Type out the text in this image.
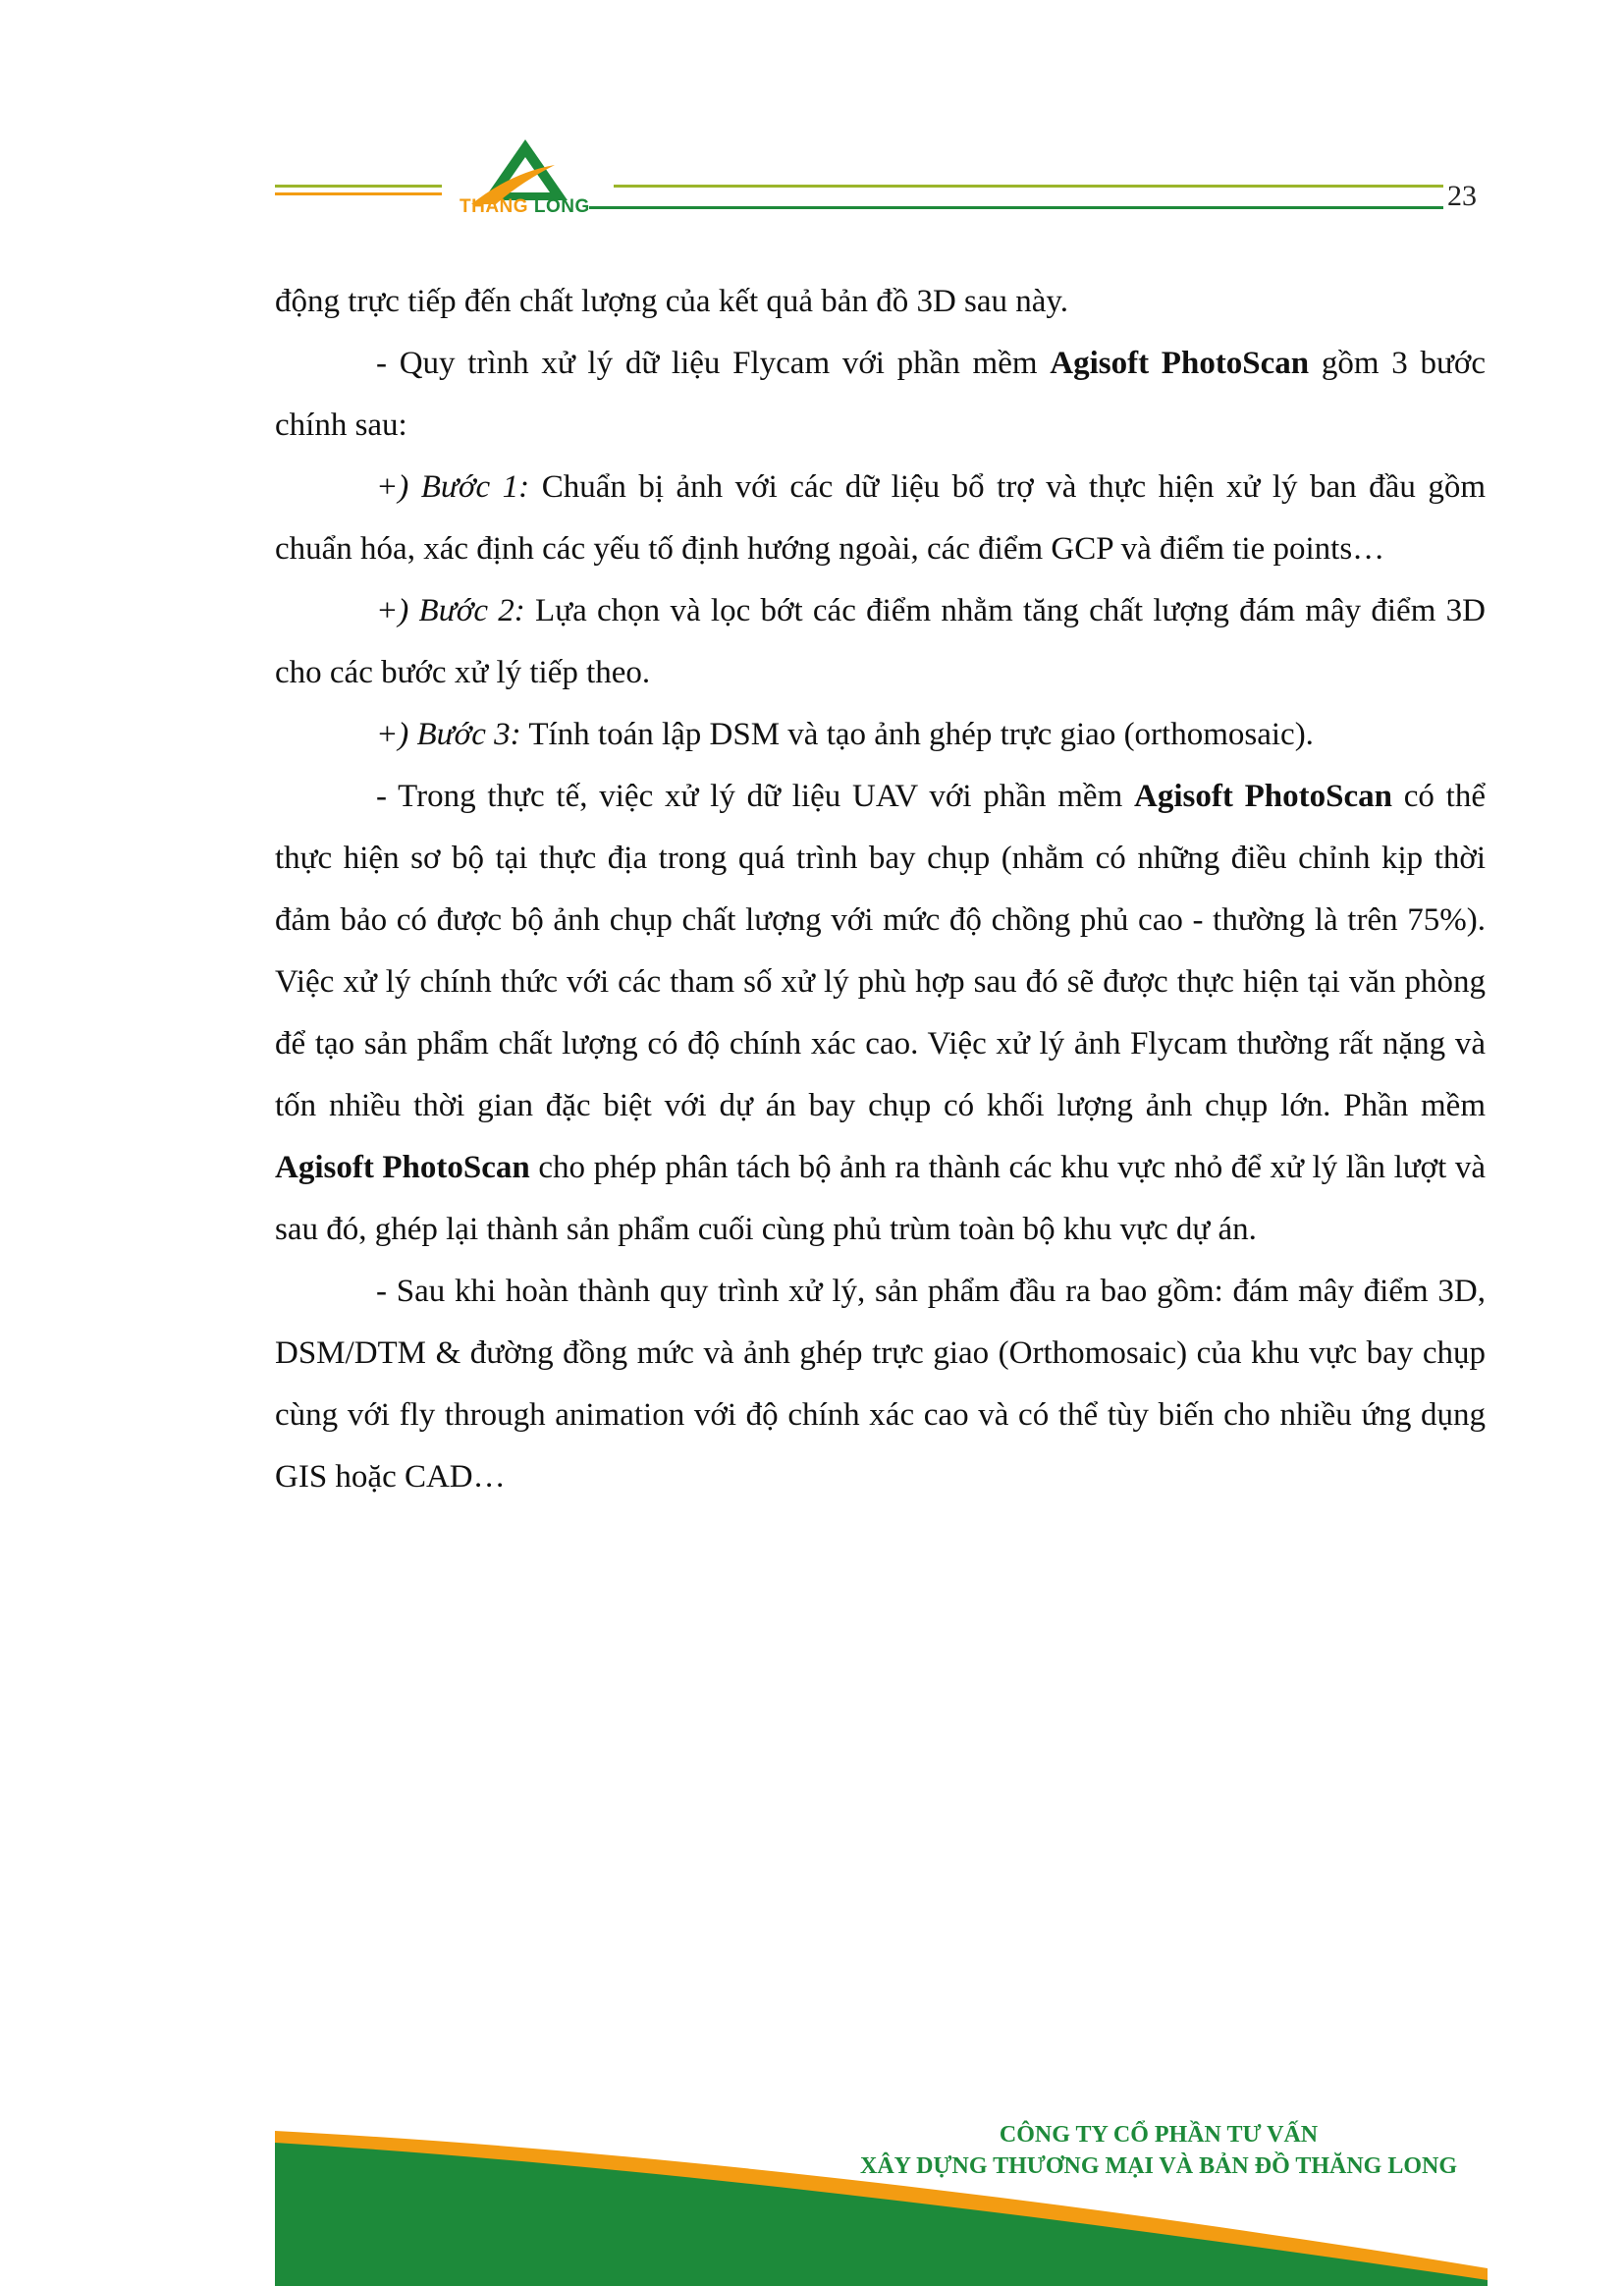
THĂNG LONG	23

động trực tiếp đến chất lượng của kết quả bản đồ 3D sau này.

- Quy trình xử lý dữ liệu Flycam với phần mềm Agisoft PhotoScan gồm 3 bước chính sau:

+) Bước 1: Chuẩn bị ảnh với các dữ liệu bổ trợ và thực hiện xử lý ban đầu gồm chuẩn hóa, xác định các yếu tố định hướng ngoài, các điểm GCP và điểm tie points…

+) Bước 2: Lựa chọn và lọc bớt các điểm nhằm tăng chất lượng đám mây điểm 3D cho các bước xử lý tiếp theo.

+) Bước 3: Tính toán lập DSM và tạo ảnh ghép trực giao (orthomosaic).

- Trong thực tế, việc xử lý dữ liệu UAV với phần mềm Agisoft PhotoScan có thể thực hiện sơ bộ tại thực địa trong quá trình bay chụp (nhằm có những điều chỉnh kịp thời đảm bảo có được bộ ảnh chụp chất lượng với mức độ chồng phủ cao - thường là trên 75%). Việc xử lý chính thức với các tham số xử lý phù hợp sau đó sẽ được thực hiện tại văn phòng để tạo sản phẩm chất lượng có độ chính xác cao. Việc xử lý ảnh Flycam thường rất nặng và tốn nhiều thời gian đặc biệt với dự án bay chụp có khối lượng ảnh chụp lớn. Phần mềm Agisoft PhotoScan cho phép phân tách bộ ảnh ra thành các khu vực nhỏ để xử lý lần lượt và sau đó, ghép lại thành sản phẩm cuối cùng phủ trùm toàn bộ khu vực dự án.

- Sau khi hoàn thành quy trình xử lý, sản phẩm đầu ra bao gồm: đám mây điểm 3D, DSM/DTM & đường đồng mức và ảnh ghép trực giao (Orthomosaic) của khu vực bay chụp cùng với fly through animation với độ chính xác cao và có thể tùy biến cho nhiều ứng dụng GIS hoặc CAD…

CÔNG TY CỔ PHẦN TƯ VẤN
XÂY DỰNG THƯƠNG MẠI VÀ BẢN ĐỒ THĂNG LONG
